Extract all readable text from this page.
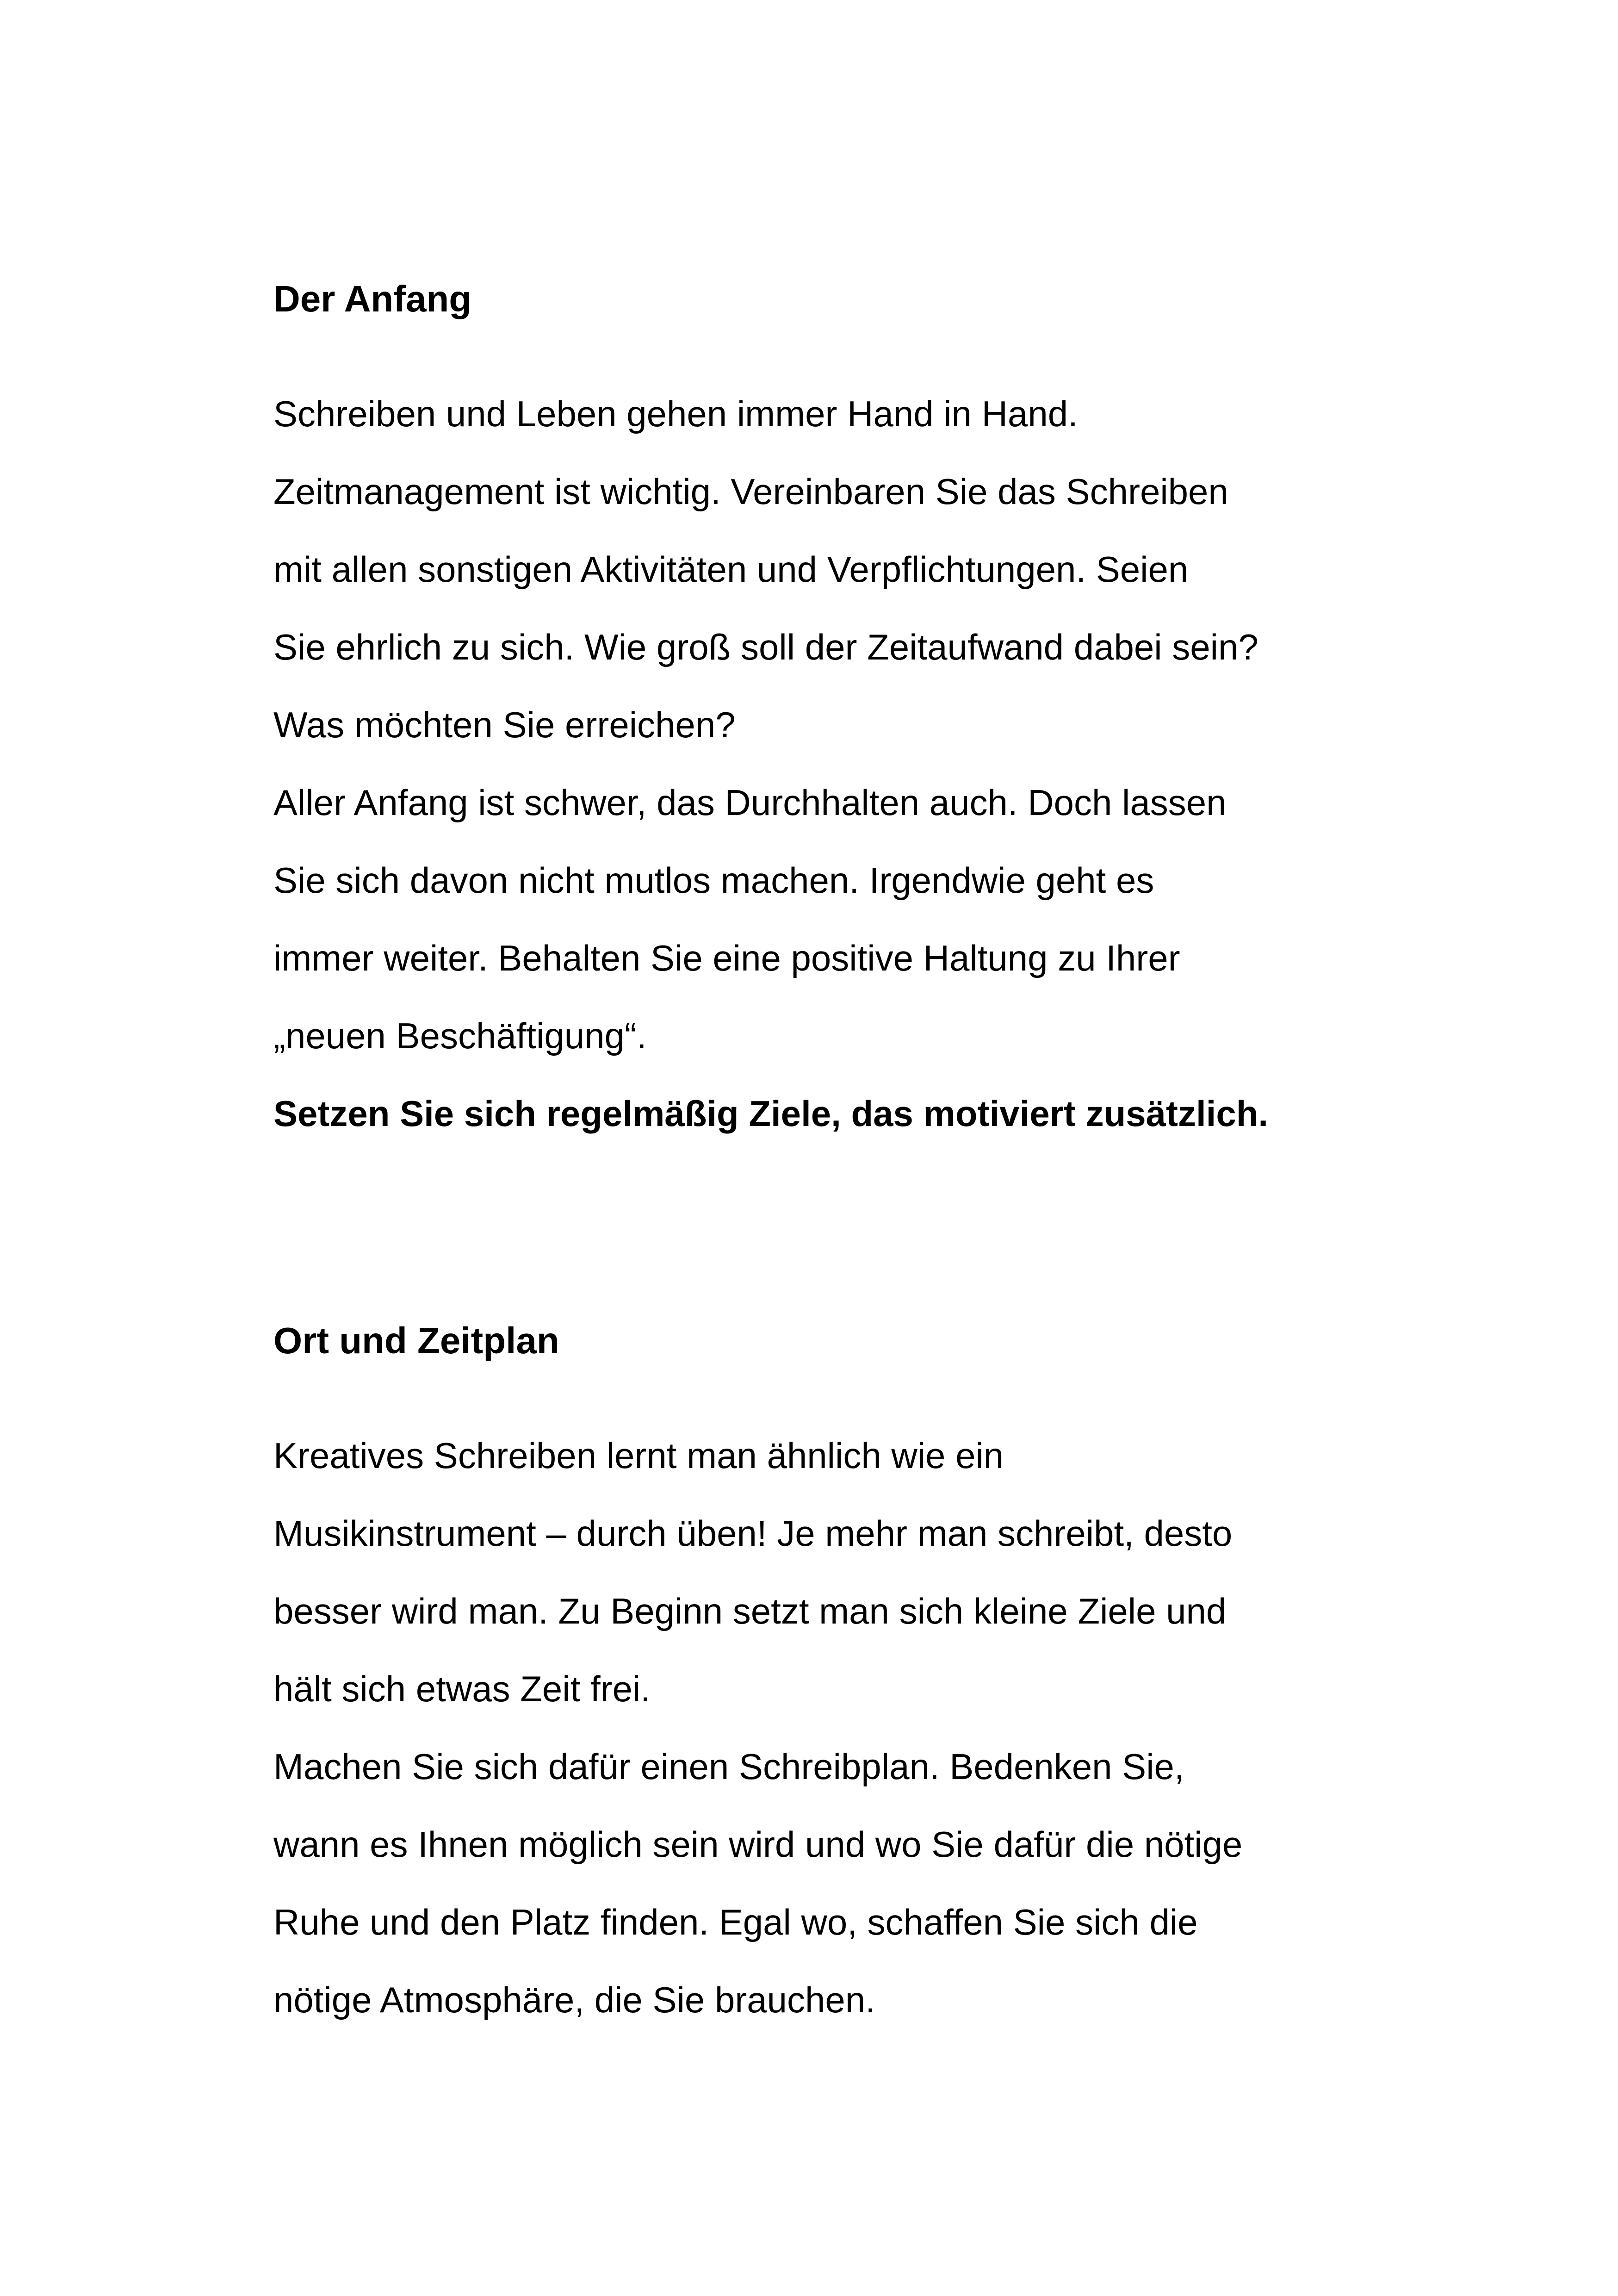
Der Anfang

Schreiben und Leben gehen immer Hand in Hand.

Zeitmanagement ist wichtig. Vereinbaren Sie das Schreiben

mit allen sonstigen Aktivitäten und Verpflichtungen. Seien

Sie ehrlich zu sich. Wie groß soll der Zeitaufwand dabei sein?

Was möchten Sie erreichen?

Aller Anfang ist schwer, das Durchhalten auch. Doch lassen

Sie sich davon nicht mutlos machen. Irgendwie geht es

immer weiter. Behalten Sie eine positive Haltung zu Ihrer

„neuen Beschäftigung“.

Setzen Sie sich regelmäßig Ziele, das motiviert zusätzlich.

Ort und Zeitplan

Kreatives Schreiben lernt man ähnlich wie ein

Musikinstrument – durch üben! Je mehr man schreibt, desto

besser wird man. Zu Beginn setzt man sich kleine Ziele und

hält sich etwas Zeit frei.

Machen Sie sich dafür einen Schreibplan. Bedenken Sie,

wann es Ihnen möglich sein wird und wo Sie dafür die nötige

Ruhe und den Platz finden. Egal wo, schaffen Sie sich die

nötige Atmosphäre, die Sie brauchen.
